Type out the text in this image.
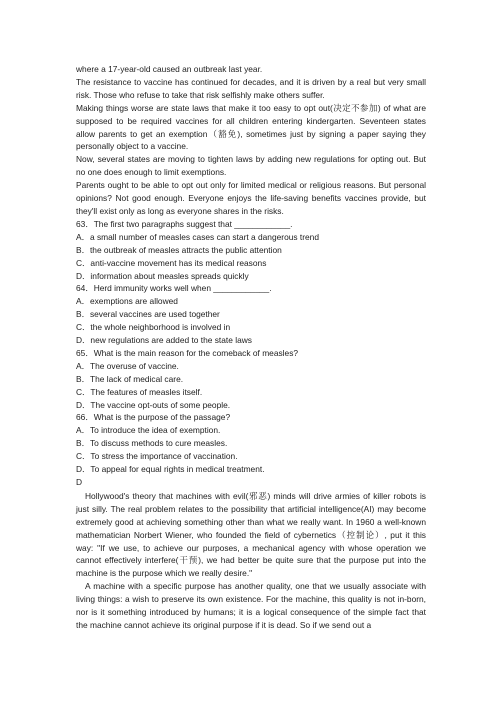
where a 17-year-old caused an outbreak last year.

The resistance to vaccine has continued for decades, and it is driven by a real but very small risk. Those who refuse to take that risk selfishly make others suffer.

Making things worse are state laws that make it too easy to opt out(决定不参加) of what are supposed to be required vaccines for all children entering kindergarten. Seventeen states allow parents to get an exemption（豁免), sometimes just by signing a paper saying they personally object to a vaccine.

Now, several states are moving to tighten laws by adding new regulations for opting out. But no one does enough to limit exemptions.

Parents ought to be able to opt out only for limited medical or religious reasons. But personal opinions? Not good enough. Everyone enjoys the life-saving benefits vaccines provide, but they'll exist only as long as everyone shares in the risks.

63．The first two paragraphs suggest that ____________.

A．a small number of measles cases can start a dangerous trend

B．the outbreak of measles attracts the public attention

C．anti-vaccine movement has its medical reasons

D．information about measles spreads quickly

64．Herd immunity works well when ____________.

A．exemptions are allowed

B．several vaccines are used together

C．the whole neighborhood is involved in

D．new regulations are added to the state laws

65．What is the main reason for the comeback of measles?

A．The overuse of vaccine.

B．The lack of medical care.

C．The features of measles itself.

D．The vaccine opt-outs of some people.

66．What is the purpose of the passage?

A．To introduce the idea of exemption.

B．To discuss methods to cure measles.

C．To stress the importance of vaccination.

D．To appeal for equal rights in medical treatment.

D

Hollywood's theory that machines with evil(邪恶) minds will drive armies of killer robots is just silly. The real problem relates to the possibility that artificial intelligence(AI) may become extremely good at achieving something other than what we really want. In 1960 a well-known mathematician Norbert Wiener, who founded the field of cybernetics（控制论）, put it this way: "If we use, to achieve our purposes, a mechanical agency with whose operation we cannot effectively interfere(干预), we had better be quite sure that the purpose put into the machine is the purpose which we really desire."

A machine with a specific purpose has another quality, one that we usually associate with living things: a wish to preserve its own existence. For the machine, this quality is not in-born, nor is it something introduced by humans; it is a logical consequence of the simple fact that the machine cannot achieve its original purpose if it is dead. So if we send out a
